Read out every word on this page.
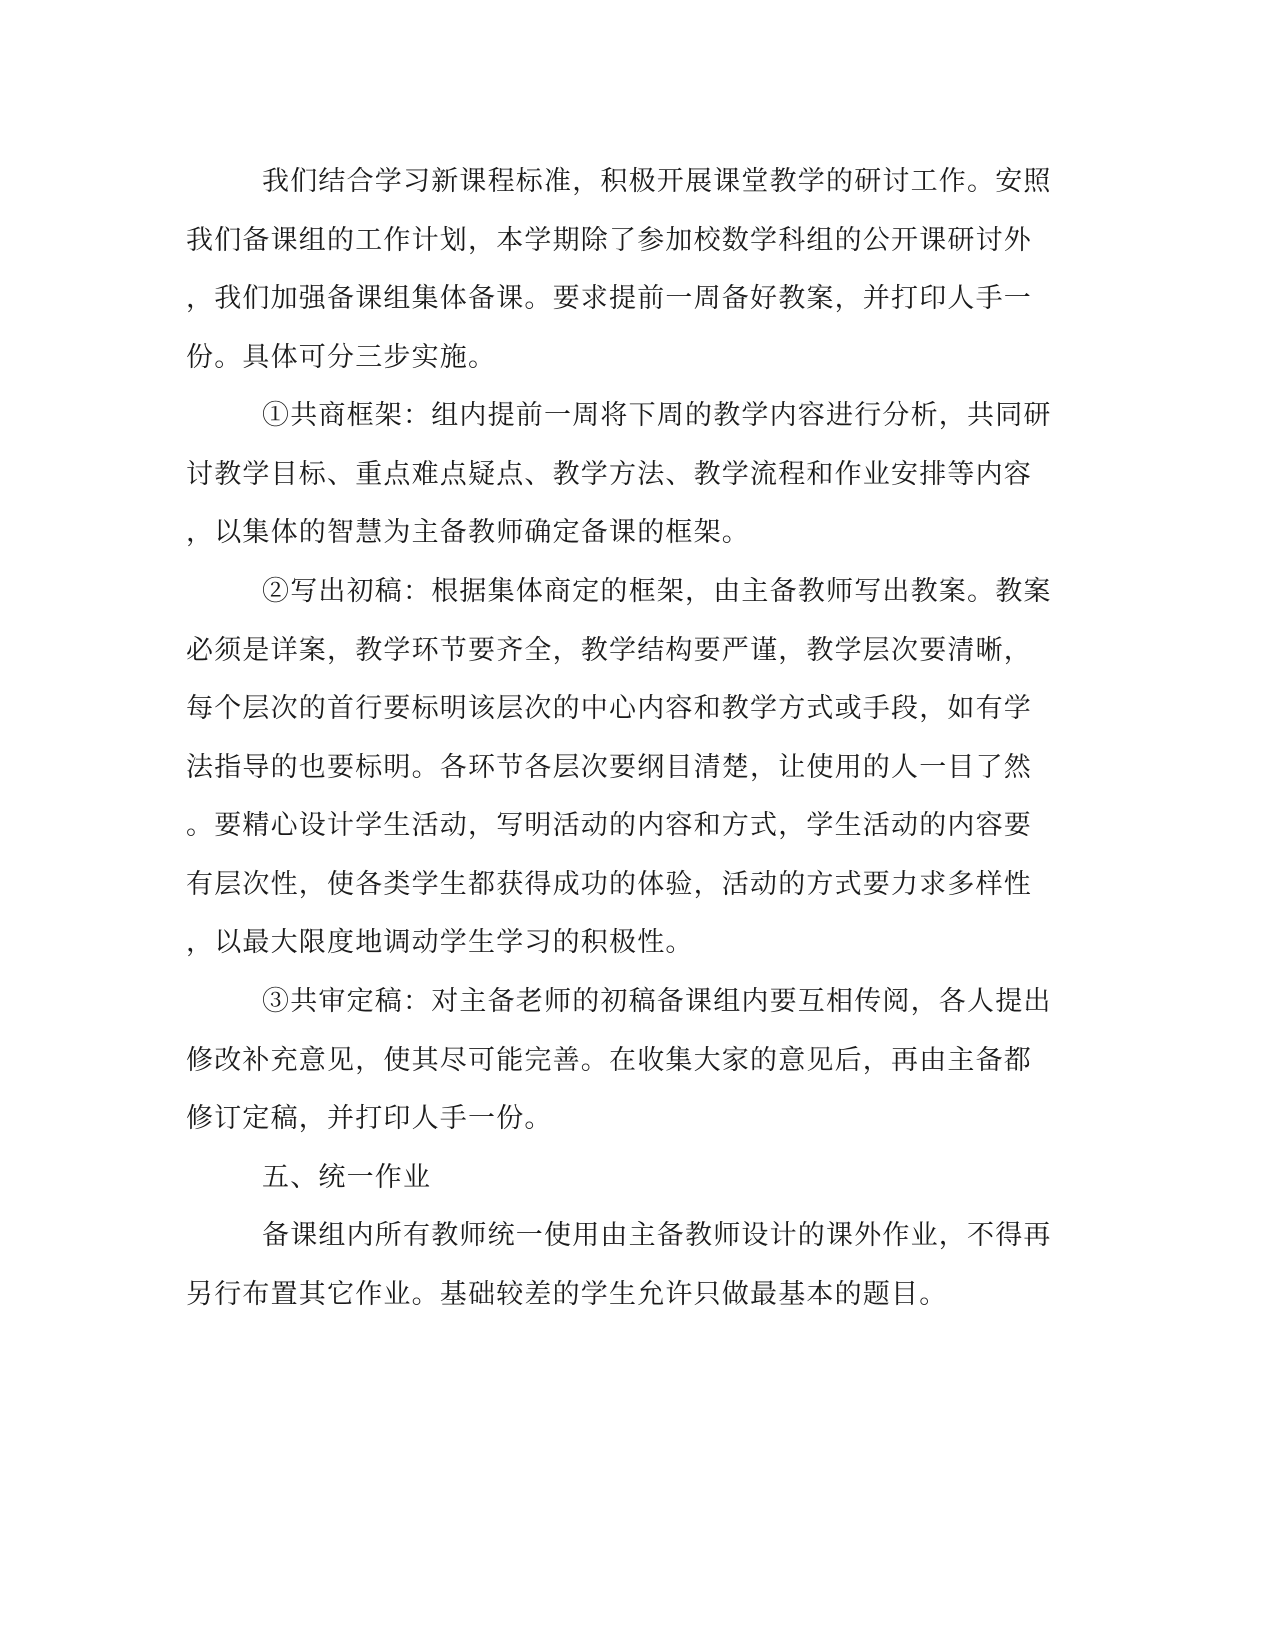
我们结合学习新课程标准，积极开展课堂教学的研讨工作。安照
我们备课组的工作计划，本学期除了参加校数学科组的公开课研讨外
，我们加强备课组集体备课。要求提前一周备好教案，并打印人手一
份。具体可分三步实施。
①共商框架：组内提前一周将下周的教学内容进行分析，共同研
讨教学目标、重点难点疑点、教学方法、教学流程和作业安排等内容
，以集体的智慧为主备教师确定备课的框架。
②写出初稿：根据集体商定的框架，由主备教师写出教案。教案
必须是详案，教学环节要齐全，教学结构要严谨，教学层次要清晰，
每个层次的首行要标明该层次的中心内容和教学方式或手段，如有学
法指导的也要标明。各环节各层次要纲目清楚，让使用的人一目了然
。要精心设计学生活动，写明活动的内容和方式，学生活动的内容要
有层次性，使各类学生都获得成功的体验，活动的方式要力求多样性
，以最大限度地调动学生学习的积极性。
③共审定稿：对主备老师的初稿备课组内要互相传阅，各人提出
修改补充意见，使其尽可能完善。在收集大家的意见后，再由主备都
修订定稿，并打印人手一份。
五、统一作业
备课组内所有教师统一使用由主备教师设计的课外作业，不得再
另行布置其它作业。基础较差的学生允许只做最基本的题目。
